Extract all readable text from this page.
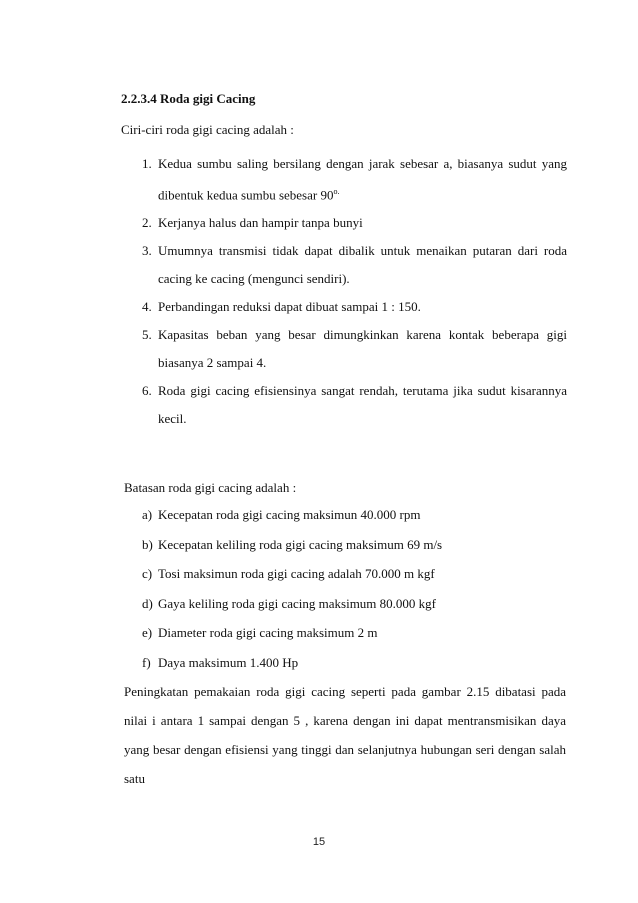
2.2.3.4 Roda gigi Cacing
Ciri-ciri roda gigi cacing adalah :
1. Kedua sumbu saling bersilang dengan jarak sebesar a, biasanya sudut yang dibentuk kedua sumbu sebesar $90^{o.}$
2. Kerjanya halus dan hampir tanpa bunyi
3. Umumnya transmisi tidak dapat dibalik untuk menaikan putaran dari roda cacing ke cacing (mengunci sendiri).
4. Perbandingan reduksi dapat dibuat sampai 1 : 150.
5. Kapasitas beban yang besar dimungkinkan karena kontak beberapa gigi biasanya 2 sampai 4.
6. Roda gigi cacing efisiensinya sangat rendah, terutama jika sudut kisarannya kecil.
Batasan roda gigi cacing adalah :
a) Kecepatan roda gigi cacing maksimun 40.000 rpm
b) Kecepatan keliling roda gigi cacing maksimum 69 m/s
c) Tosi maksimun roda gigi cacing adalah 70.000 m kgf
d) Gaya keliling roda gigi cacing maksimum 80.000 kgf
e) Diameter roda gigi cacing maksimum 2 m
f) Daya maksimum 1.400 Hp
Peningkatan pemakaian roda gigi cacing seperti pada gambar 2.15 dibatasi pada nilai i antara 1 sampai dengan 5 , karena dengan ini dapat mentransmisikan daya yang besar dengan efisiensi yang tinggi dan selanjutnya hubungan seri dengan salah satu
15
